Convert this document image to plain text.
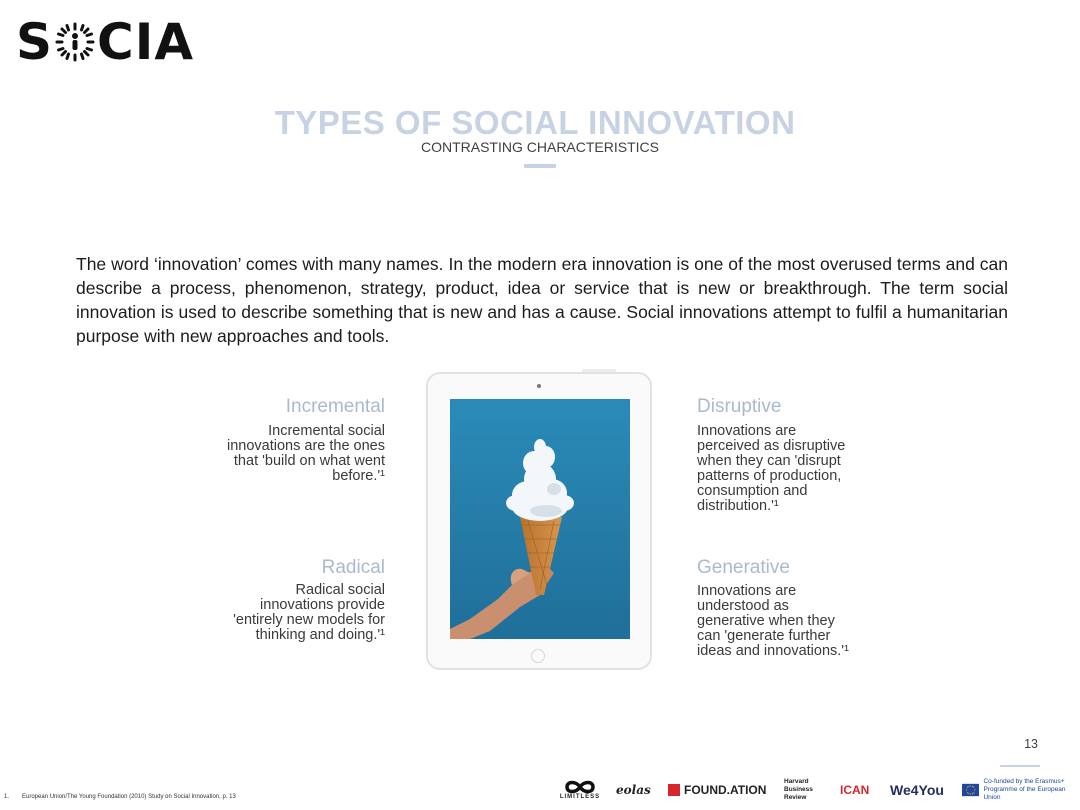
S CIA
TYPES OF SOCIAL INNOVATION
CONTRASTING CHARACTERISTICS
The word ‘innovation’ comes with many names. In the modern era innovation is one of the most overused terms and can describe a process, phenomenon, strategy, product, idea or service that is new or breakthrough. The term social innovation is used to describe something that is new and has a cause. Social innovations attempt to fulfil a humanitarian purpose with new approaches and tools.
Incremental
Incremental social
innovations are the ones
that 'build on what went
before.'¹
Disruptive
Innovations are
perceived as disruptive
when they can 'disrupt
patterns of production,
consumption and
distribution.'¹
Radical
Radical social
innovations provide
'entirely new models for
thinking and doing.'¹
Generative
Innovations are
understood as
generative when they
can 'generate further
ideas and innovations.'¹
13
1. European Union/The Young Foundation (2010) Study on Social Innovation, p. 13	LIMITLESS eolas	FOUND.ATION
Harvard Business Review
ICAN	We4You
Co-funded by the Erasmus+ Programme of the European Union
